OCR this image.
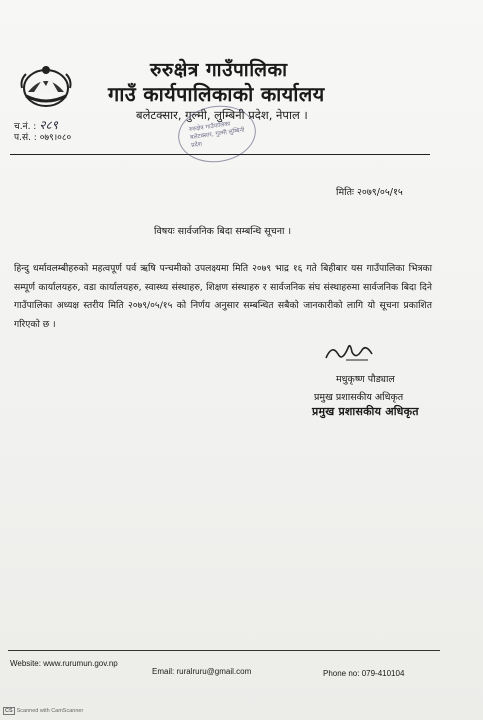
रुरुक्षेत्र गाउँपालिका
गाउँ कार्यपालिकाको कार्यालय
बलेटक्सार, गुल्मी, लुम्बिनी प्रदेश, नेपाल ।
रुरुक्षेत्र गाउँपालिका बलेटक्सार, गुल्मी लुम्बिनी प्रदेश
च.नं. : २८९
प.सं. : ०७९।०८०
मितिः २०७९/०५/१५
विषयः सार्वजनिक बिदा सम्बन्धि सूचना ।
हिन्दु धर्मावलम्बीहरुको महत्वपूर्ण पर्व ऋषि पन्चमीको उपलक्ष्यमा मिति २०७९ भाद्र १६ गते बिहीबार यस गाउँपालिका भित्रका सम्पूर्ण कार्यालयहरु, वडा कार्यालयहरु, स्वास्थ्य संस्थाहरु, शिक्षण संस्थाहरु र सार्वजनिक संघ संस्थाहरुमा सार्वजनिक बिदा दिने गाउँपालिका अध्यक्ष स्तरीय मिति २०७९/०५/१५ को निर्णय अनुसार सम्बन्धित सबैको जानकारीको लागि यो सूचना प्रकाशित गरिएको छ ।
मधुकृष्ण पौड्याल
प्रमुख प्रशासकीय अधिकृत
प्रमुख प्रशासकीय अधिकृत
Website: www.rurumun.gov.np
Email: ruralruru@gmail.com	Phone no: 079-410104
CS Scanned with CamScanner
